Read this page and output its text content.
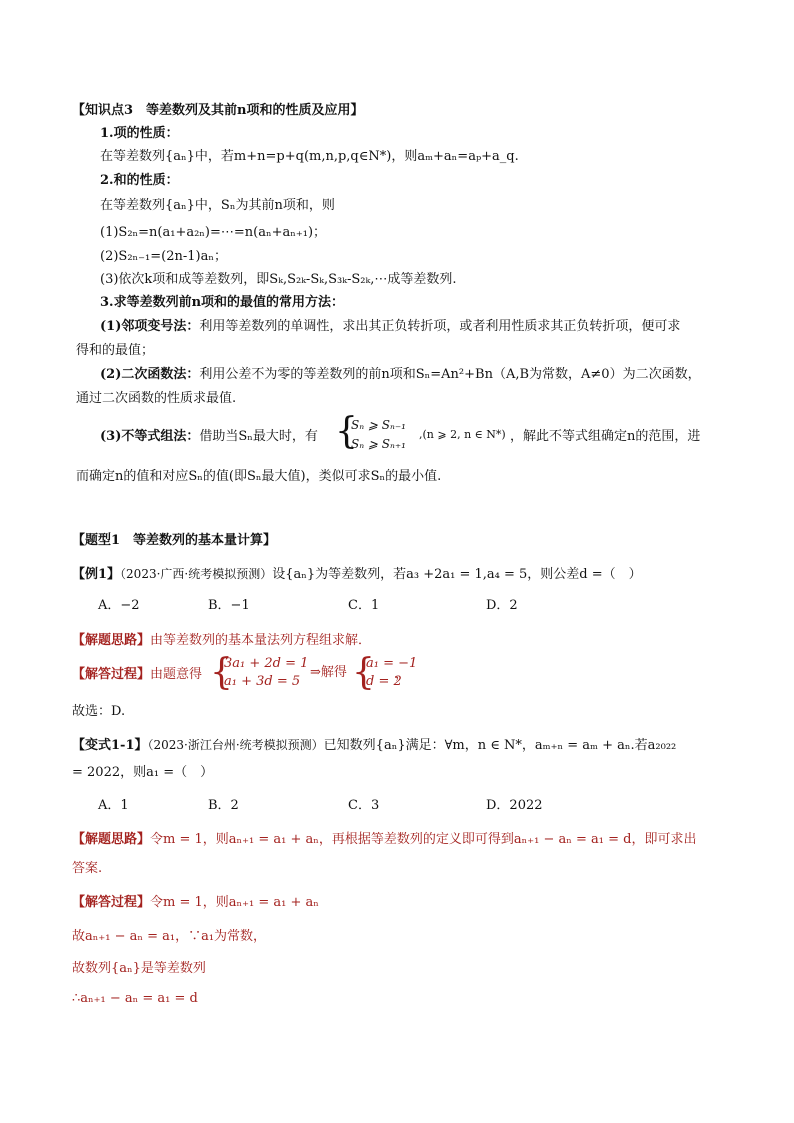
【知识点3　等差数列及其前n项和的性质及应用】
1.项的性质：
在等差数列{aₙ}中，若m+n=p+q(m,n,p,q∈N*)，则aₘ+aₙ=aₚ+a_q.
2.和的性质：
在等差数列{aₙ}中，Sₙ为其前n项和，则
(1)S₂ₙ=n(a₁+a₂ₙ)=⋯=n(aₙ+aₙ₊₁)；
(2)S₂ₙ₋₁=(2n-1)aₙ；
(3)依次k项和成等差数列，即Sₖ,S₂ₖ-Sₖ,S₃ₖ-S₂ₖ,⋯成等差数列.
3.求等差数列前n项和的最值的常用方法：
(1)邻项变号法：利用等差数列的单调性，求出其正负转折项，或者利用性质求其正负转折项，便可求
得和的最值；
(2)二次函数法：利用公差不为零的等差数列的前n项和Sₙ=An²+Bn（A,B为常数，A≠0）为二次函数，
通过二次函数的性质求最值.
(3)不等式组法：借助当Sₙ最大时，有 {
Sₙ ⩾ Sₙ₋₁
Sₙ ⩾ Sₙ₊₁
,(n ⩾ 2, n ∈ N*) ，解此不等式组确定n的范围，进
而确定n的值和对应Sₙ的值(即Sₙ最大值)，类似可求Sₙ的最小值.
【题型1　等差数列的基本量计算】
【例1】（2023·广西·统考模拟预测）设{aₙ}为等差数列，若a₃ +2a₁ = 1,a₄ = 5，则公差d =（　）
A．−2	B．−1	C．1	D．2
【解题思路】由等差数列的基本量法列方程组求解．
【解答过程】由题意得 {
3a₁ + 2d = 1
a₁ + 3d = 5
⇒解得 {
a₁ = −1
d = 2
，
故选：D.
【变式1-1】（2023·浙江台州·统考模拟预测）已知数列{aₙ}满足：∀m，n ∈ N*，aₘ₊ₙ = aₘ + aₙ.若a₂₀₂₂
= 2022，则a₁ =（　）
A．1	B．2	C．3	D．2022
【解题思路】令m = 1，则aₙ₊₁ = a₁ + aₙ，再根据等差数列的定义即可得到aₙ₊₁ − aₙ = a₁ = d，即可求出
答案.
【解答过程】令m = 1，则aₙ₊₁ = a₁ + aₙ
故aₙ₊₁ − aₙ = a₁，∵a₁为常数，
故数列{aₙ}是等差数列
∴aₙ₊₁ − aₙ = a₁ = d
